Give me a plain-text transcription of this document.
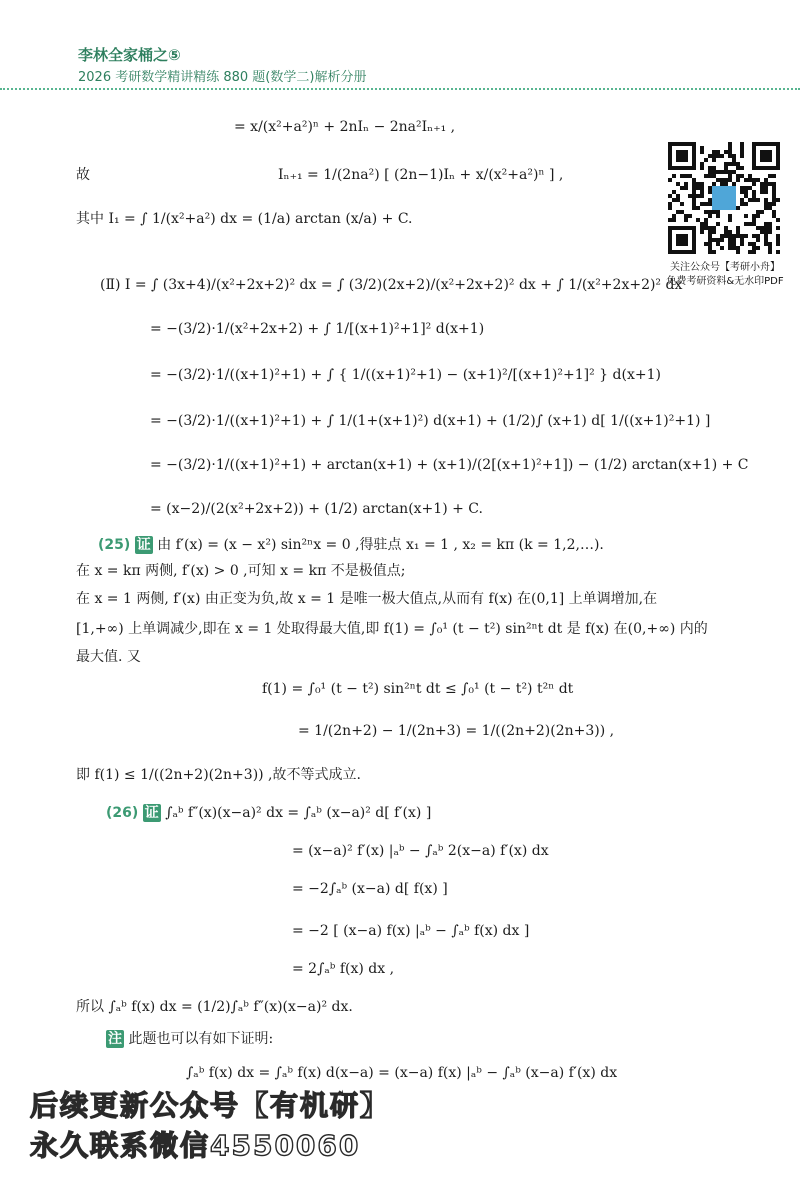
李林全家桶之⑤
2026 考研数学精讲精练 880 题(数学二)解析分册
关注公众号【考研小舟】
免费考研资料&无水印PDF
= x/(x²+a²)ⁿ + 2nIₙ − 2na²Iₙ₊₁ ,
故	Iₙ₊₁ = 1/(2na²) [ (2n−1)Iₙ + x/(x²+a²)ⁿ ] ,
其中 I₁ = ∫ 1/(x²+a²) dx = (1/a) arctan (x/a) + C.
(Ⅱ) I = ∫ (3x+4)/(x²+2x+2)² dx = ∫ (3/2)(2x+2)/(x²+2x+2)² dx + ∫ 1/(x²+2x+2)² dx
= −(3/2)·1/(x²+2x+2) + ∫ 1/[(x+1)²+1]² d(x+1)
= −(3/2)·1/((x+1)²+1) + ∫ { 1/((x+1)²+1) − (x+1)²/[(x+1)²+1]² } d(x+1)
= −(3/2)·1/((x+1)²+1) + ∫ 1/(1+(x+1)²) d(x+1) + (1/2)∫ (x+1) d[ 1/((x+1)²+1) ]
= −(3/2)·1/((x+1)²+1) + arctan(x+1) + (x+1)/(2[(x+1)²+1]) − (1/2) arctan(x+1) + C
= (x−2)/(2(x²+2x+2)) + (1/2) arctan(x+1) + C.
(25) 证 由 f′(x) = (x − x²) sin²ⁿx = 0 ,得驻点 x₁ = 1 , x₂ = kπ (k = 1,2,…).
在 x = kπ 两侧, f′(x) > 0 ,可知 x = kπ 不是极值点;
在 x = 1 两侧, f′(x) 由正变为负,故 x = 1 是唯一极大值点,从而有 f(x) 在(0,1] 上单调增加,在
[1,+∞) 上单调减少,即在 x = 1 处取得最大值,即 f(1) = ∫₀¹ (t − t²) sin²ⁿt dt 是 f(x) 在(0,+∞) 内的
最大值. 又
f(1) = ∫₀¹ (t − t²) sin²ⁿt dt ≤ ∫₀¹ (t − t²) t²ⁿ dt
= 1/(2n+2) − 1/(2n+3) = 1/((2n+2)(2n+3)) ,
即 f(1) ≤ 1/((2n+2)(2n+3)) ,故不等式成立.
(26) 证 ∫ₐᵇ f″(x)(x−a)² dx = ∫ₐᵇ (x−a)² d[ f′(x) ]
= (x−a)² f′(x) |ₐᵇ − ∫ₐᵇ 2(x−a) f′(x) dx
= −2∫ₐᵇ (x−a) d[ f(x) ]
= −2 [ (x−a) f(x) |ₐᵇ − ∫ₐᵇ f(x) dx ]
= 2∫ₐᵇ f(x) dx ,
所以 ∫ₐᵇ f(x) dx = (1/2)∫ₐᵇ f″(x)(x−a)² dx.
注 此题也可以有如下证明:
∫ₐᵇ f(x) dx = ∫ₐᵇ f(x) d(x−a) = (x−a) f(x) |ₐᵇ − ∫ₐᵇ (x−a) f′(x) dx
后续更新公众号【有机研】
永久联系微信4550060
